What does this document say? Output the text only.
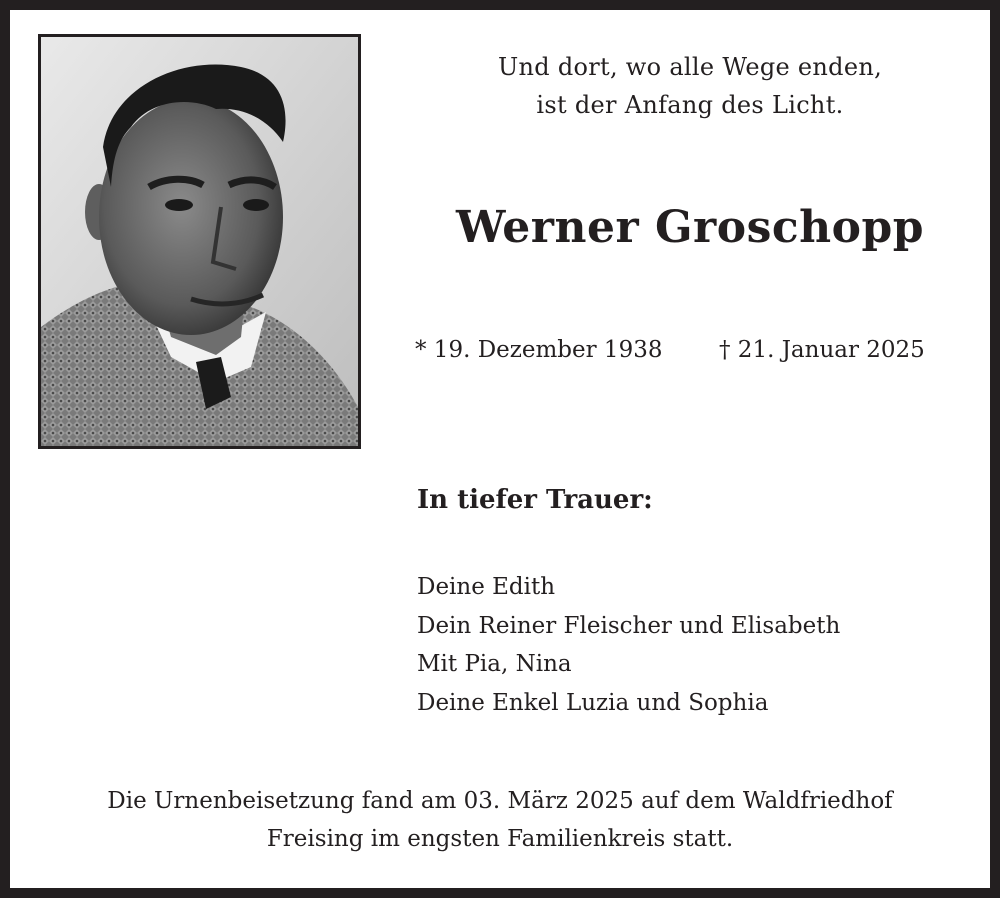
Und dort, wo alle Wege enden,
ist der Anfang des Licht.
Werner Groschopp
* 19. Dezember 1938 † 21. Januar 2025
In tiefer Trauer:
Deine Edith
Dein Reiner Fleischer und Elisabeth
Mit Pia, Nina
Deine Enkel Luzia und Sophia
Die Urnenbeisetzung fand am 03. März 2025 auf dem Waldfriedhof
Freising im engsten Familienkreis statt.
